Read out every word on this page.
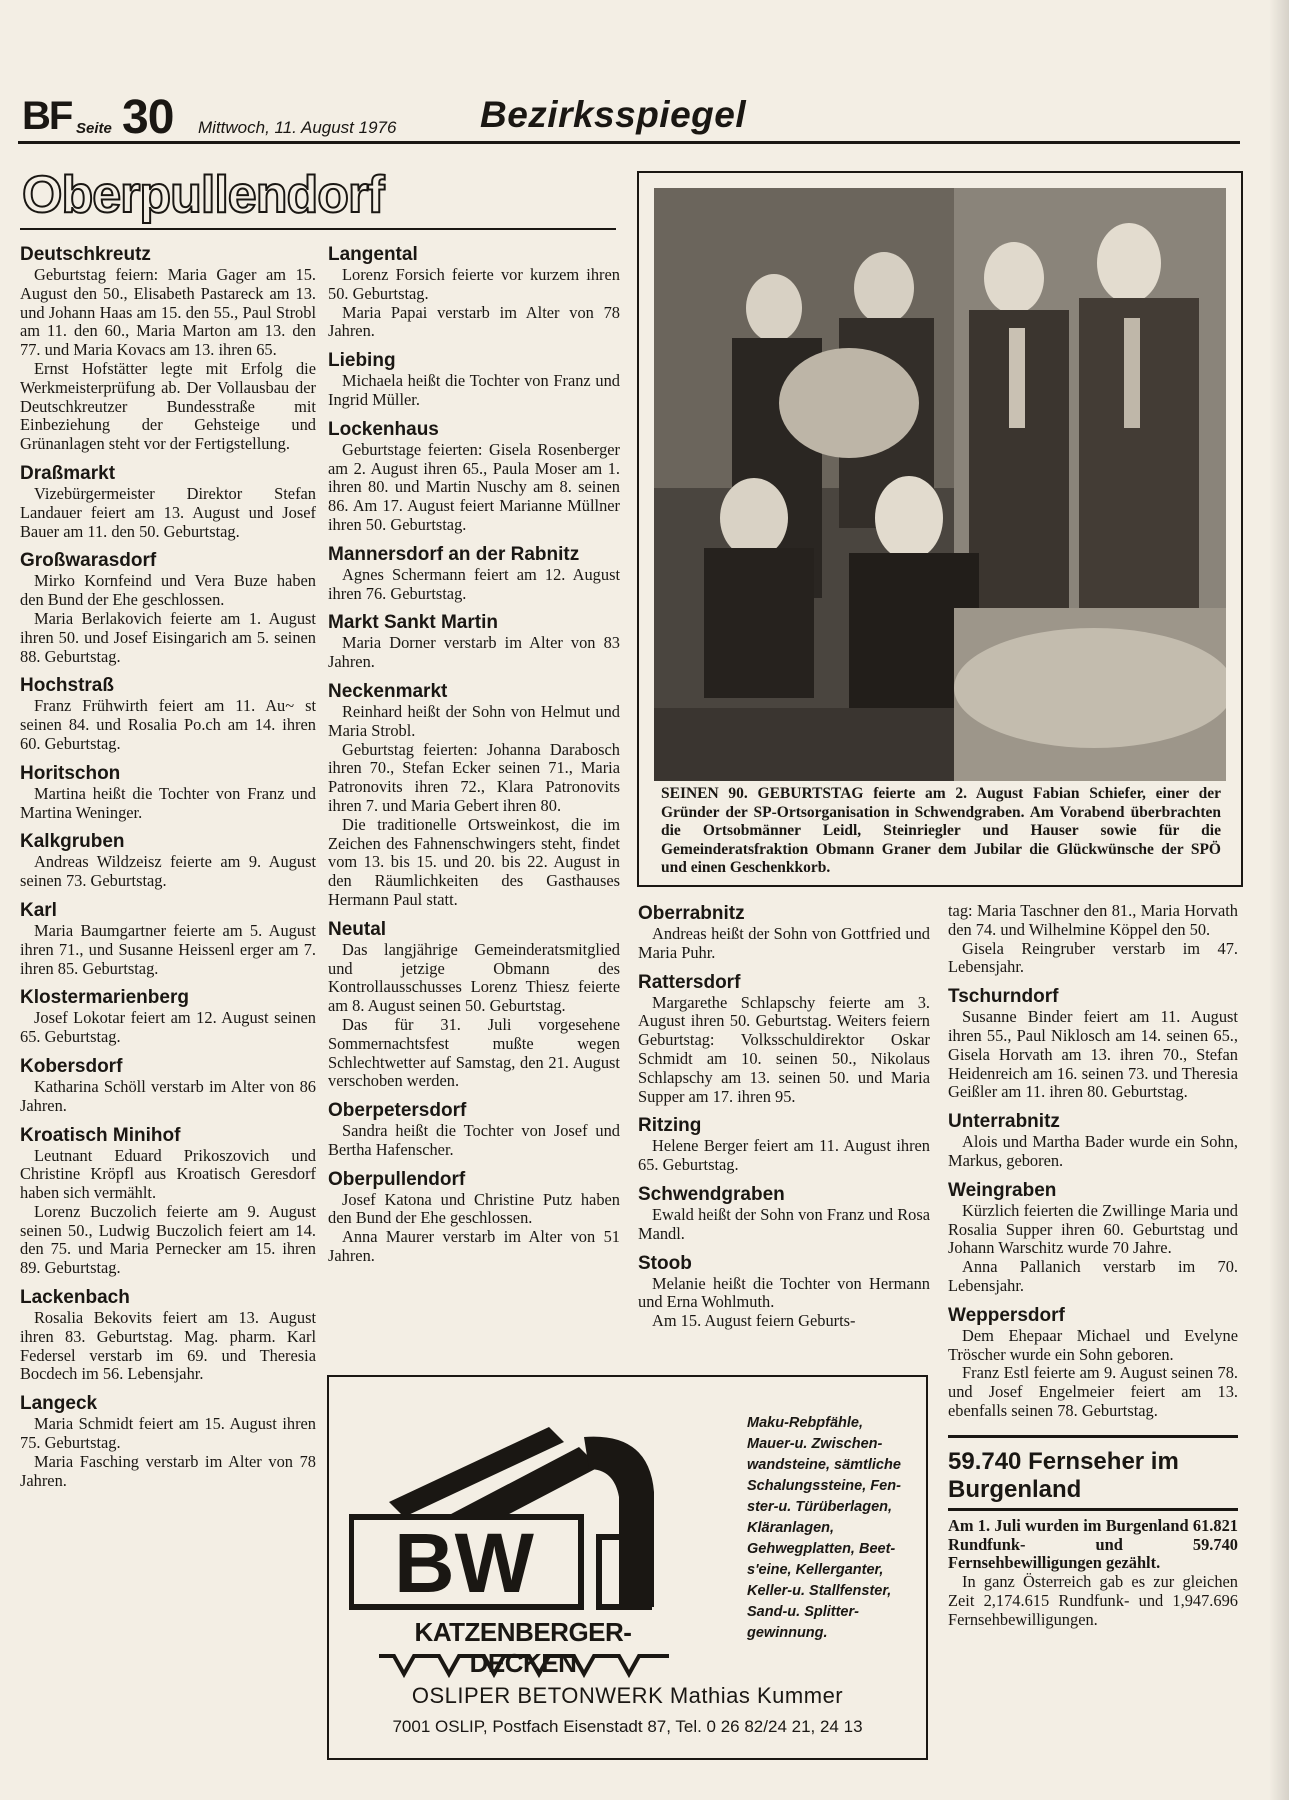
BF Seite 30 Mittwoch, 11. August 1976 Bezirksspiegel
Oberpullendorf

Deutschkreutz

Geburtstag feiern: Maria Gager am 15. August den 50., Elisabeth Pastareck am 13. und Johann Haas am 15. den 55., Paul Strobl am 11. den 60., Maria Marton am 13. den 77. und Maria Kovacs am 13. ihren 65.

Ernst Hofstätter legte mit Erfolg die Werkmeisterprüfung ab. Der Vollausbau der Deutschkreutzer Bundesstraße mit Einbeziehung der Gehsteige und Grünanlagen steht vor der Fertigstellung.

Draßmarkt

Vizebürgermeister Direktor Stefan Landauer feiert am 13. August und Josef Bauer am 11. den 50. Geburtstag.

Großwarasdorf

Mirko Kornfeind und Vera Buze haben den Bund der Ehe geschlossen.

Maria Berlakovich feierte am 1. August ihren 50. und Josef Eisingarich am 5. seinen 88. Geburtstag.

Hochstraß

Franz Frühwirth feiert am 11. Au~ st seinen 84. und Rosalia Po.ch am 14. ihren 60. Geburtstag.

Horitschon

Martina heißt die Tochter von Franz und Martina Weninger.

Kalkgruben

Andreas Wildzeisz feierte am 9. August seinen 73. Geburtstag.

Karl

Maria Baumgartner feierte am 5. August ihren 71., und Susanne Heissenl erger am 7. ihren 85. Geburtstag.

Klostermarienberg

Josef Lokotar feiert am 12. August seinen 65. Geburtstag.

Kobersdorf

Katharina Schöll verstarb im Alter von 86 Jahren.

Kroatisch Minihof

Leutnant Eduard Prikoszovich und Christine Kröpfl aus Kroatisch Geresdorf haben sich vermählt.

Lorenz Buczolich feierte am 9. August seinen 50., Ludwig Buczolich feiert am 14. den 75. und Maria Pernecker am 15. ihren 89. Geburtstag.

Lackenbach

Rosalia Bekovits feiert am 13. August ihren 83. Geburtstag. Mag. pharm. Karl Federsel verstarb im 69. und Theresia Bocdech im 56. Lebensjahr.

Langeck

Maria Schmidt feiert am 15. August ihren 75. Geburtstag.

Maria Fasching verstarb im Alter von 78 Jahren.

Langental

Lorenz Forsich feierte vor kurzem ihren 50. Geburtstag.

Maria Papai verstarb im Alter von 78 Jahren.

Liebing

Michaela heißt die Tochter von Franz und Ingrid Müller.

Lockenhaus

Geburtstage feierten: Gisela Rosenberger am 2. August ihren 65., Paula Moser am 1. ihren 80. und Martin Nuschy am 8. seinen 86. Am 17. August feiert Marianne Müllner ihren 50. Geburtstag.

Mannersdorf an der Rabnitz

Agnes Schermann feiert am 12. August ihren 76. Geburtstag.

Markt Sankt Martin

Maria Dorner verstarb im Alter von 83 Jahren.

Neckenmarkt

Reinhard heißt der Sohn von Helmut und Maria Strobl.

Geburtstag feierten: Johanna Darabosch ihren 70., Stefan Ecker seinen 71., Maria Patronovits ihren 72., Klara Patronovits ihren 7. und Maria Gebert ihren 80.

Die traditionelle Ortsweinkost, die im Zeichen des Fahnenschwingers steht, findet vom 13. bis 15. und 20. bis 22. August in den Räumlichkeiten des Gasthauses Hermann Paul statt.

Neutal

Das langjährige Gemeinderatsmitglied und jetzige Obmann des Kontrollausschusses Lorenz Thiesz feierte am 8. August seinen 50. Geburtstag.

Das für 31. Juli vorgesehene Sommernachtsfest mußte wegen Schlechtwetter auf Samstag, den 21. August verschoben werden.

Oberpetersdorf

Sandra heißt die Tochter von Josef und Bertha Hafenscher.

Oberpullendorf

Josef Katona und Christine Putz haben den Bund der Ehe geschlossen.

Anna Maurer verstarb im Alter von 51 Jahren.

SEINEN 90. GEBURTSTAG feierte am 2. August Fabian Schiefer, einer der Gründer der SP-Ortsorganisation in Schwendgraben. Am Vorabend überbrachten die Ortsobmänner Leidl, Steinriegler und Hauser sowie für die Gemeinderatsfraktion Obmann Graner dem Jubilar die Glückwünsche der SPÖ und einen Geschenkkorb.

Oberrabnitz

Andreas heißt der Sohn von Gottfried und Maria Puhr.

Rattersdorf

Margarethe Schlapschy feierte am 3. August ihren 50. Geburtstag. Weiters feiern Geburtstag: Volksschuldirektor Oskar Schmidt am 10. seinen 50., Nikolaus Schlapschy am 13. seinen 50. und Maria Supper am 17. ihren 95.

Ritzing

Helene Berger feiert am 11. August ihren 65. Geburtstag.

Schwendgraben

Ewald heißt der Sohn von Franz und Rosa Mandl.

Stoob

Melanie heißt die Tochter von Hermann und Erna Wohlmuth.

Am 15. August feiern Geburts-

tag: Maria Taschner den 81., Maria Horvath den 74. und Wilhelmine Köppel den 50.

Gisela Reingruber verstarb im 47. Lebensjahr.

Tschurndorf

Susanne Binder feiert am 11. August ihren 55., Paul Niklosch am 14. seinen 65., Gisela Horvath am 13. ihren 70., Stefan Heidenreich am 16. seinen 73. und Theresia Geißler am 11. ihren 80. Geburtstag.

Unterrabnitz

Alois und Martha Bader wurde ein Sohn, Markus, geboren.

Weingraben

Kürzlich feierten die Zwillinge Maria und Rosalia Supper ihren 60. Geburtstag und Johann Warschitz wurde 70 Jahre.

Anna Pallanich verstarb im 70. Lebensjahr.

Weppersdorf

Dem Ehepaar Michael und Evelyne Tröscher wurde ein Sohn geboren.

Franz Estl feierte am 9. August seinen 78. und Josef Engelmeier feiert am 13. ebenfalls seinen 78. Geburtstag.

59.740 Fernseher im Burgenland

Am 1. Juli wurden im Burgenland 61.821 Rundfunk- und 59.740 Fernsehbewilligungen gezählt.

In ganz Österreich gab es zur gleichen Zeit 2,174.615 Rundfunk- und 1,947.696 Fernsehbewilligungen.

BW
Maku-Rebpfähle,
Mauer-u. Zwischen-
wandsteine, sämtliche
Schalungssteine, Fen-
ster-u. Türüberlagen,
Kläranlagen,
Gehwegplatten, Beet-
s'eine, Kellerganter,
Keller-u. Stallfenster,
Sand-u. Splitter-
gewinnung.
KATZENBERGER-DECKEN
OSLIPER BETONWERK Mathias Kummer
7001 OSLIP, Postfach Eisenstadt 87, Tel. 0 26 82/24 21, 24 13
